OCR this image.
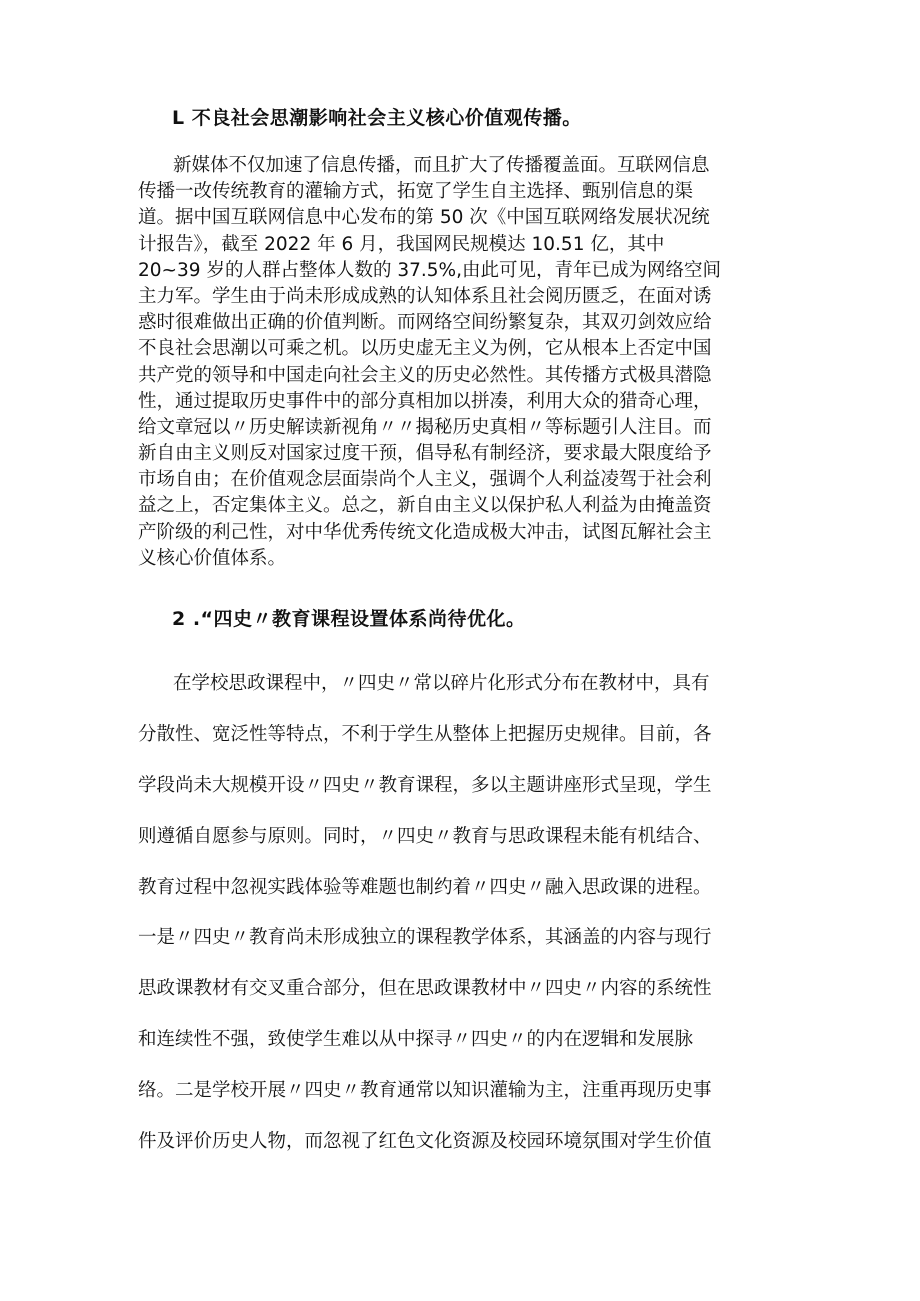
L 不良社会思潮影响社会主义核心价值观传播。
新媒体不仅加速了信息传播，而且扩大了传播覆盖面。互联网信息
传播一改传统教育的灌输方式，拓宽了学生自主选择、甄别信息的渠
道。据中国互联网信息中心发布的第 50 次《中国互联网络发展状况统
计报告》，截至 2022 年 6 月，我国网民规模达 10.51 亿，其中
20~39 岁的人群占整体人数的 37.5%,由此可见，青年已成为网络空间
主力军。学生由于尚未形成成熟的认知体系且社会阅历匮乏，在面对诱
惑时很难做出正确的价值判断。而网络空间纷繁复杂，其双刃剑效应给
不良社会思潮以可乘之机。以历史虚无主义为例，它从根本上否定中国
共产党的领导和中国走向社会主义的历史必然性。其传播方式极具潜隐
性，通过提取历史事件中的部分真相加以拼凑，利用大众的猎奇心理，
给文章冠以〃历史解读新视角〃〃揭秘历史真相〃等标题引人注目。而
新自由主义则反对国家过度干预，倡导私有制经济，要求最大限度给予
市场自由；在价值观念层面崇尚个人主义，强调个人利益凌驾于社会利
益之上，否定集体主义。总之，新自由主义以保护私人利益为由掩盖资
产阶级的利己性，对中华优秀传统文化造成极大冲击，试图瓦解社会主
义核心价值体系。
2 .“四史〃教育课程设置体系尚待优化。
在学校思政课程中，〃四史〃常以碎片化形式分布在教材中，具有
分散性、宽泛性等特点，不利于学生从整体上把握历史规律。目前，各
学段尚未大规模开设〃四史〃教育课程，多以主题讲座形式呈现，学生
则遵循自愿参与原则。同时，〃四史〃教育与思政课程未能有机结合、
教育过程中忽视实践体验等难题也制约着〃四史〃融入思政课的进程。
一是〃四史〃教育尚未形成独立的课程教学体系，其涵盖的内容与现行
思政课教材有交叉重合部分，但在思政课教材中〃四史〃内容的系统性
和连续性不强，致使学生难以从中探寻〃四史〃的内在逻辑和发展脉
络。二是学校开展〃四史〃教育通常以知识灌输为主，注重再现历史事
件及评价历史人物，而忽视了红色文化资源及校园环境氛围对学生价值
